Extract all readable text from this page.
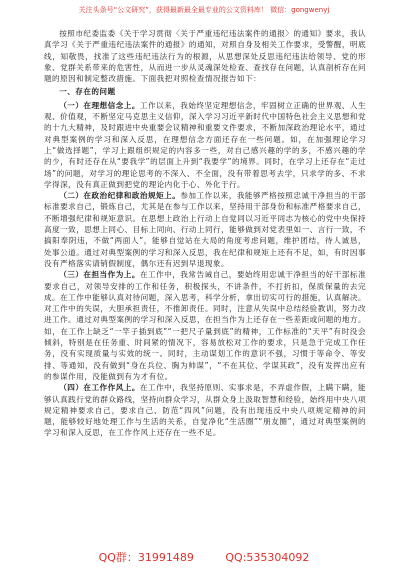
关注头条号“公文研究”，获得最新最全最专业的公文资料库！ 微信：gongwenyj

按照市纪委监委《关于学习贯彻〈关于严重违纪违法案件的通报〉的通知》要求，我认真学习《关于严重违纪违法案件的通报》的通知，对照自身及相关工作要求，受警醒，明底线，知敬畏，找准了这些违纪违法行为的根源，从思想深处反思违纪违法给领导、党的形象、党群关系带来的危害性，从而进一步从灵魂深处检查、查找存在问题，认真剖析存在问题的原因和制定整改措施。下面我把对照检查情况报告如下：

一、存在的问题

（一）在理想信念上。工作以来，我始终坚定理想信念，牢固树立正确的世界观、人生观、价值观，不断坚定马克思主义信仰，深入学习习近平新时代中国特色社会主义思想和党的十九大精神，及时跟进中央重要会议精神和重要文件要求，不断加深政治理论水平，通过对典型案例的学习和深入反思，在理想信念方面还存在一些问题。如，在加强理论学习上“做选择题”，学习上跟组织规定的内容多一些，对自己感兴趣的学的多，不感兴趣的学的少，有时还存在从“要我学”的层面上升到“我要学”的境界。同时，在学习上还存在“走过场”的问题，对学习的理论思考的不深入、不全面，没有带着思考去学，只求学的多、不求学得深，没有真正做到把党的理论内化于心、外化于行。

（二）在政治纪律和政治规矩上。参加工作以来，我能够严格按照忠诚干净担当的干部标准要求自己，锻炼自己，尤其是在参与工作以来，坚持用干部身份和标准严格要求自己，不断增强纪律和规矩意识。在思想上政治上行动上自觉同以习近平同志为核心的党中央保持高度一致，思想上同心、目标上同向、行动上同行，能够做到对党表里如一、言行一致，不搞阳奉阴违，不做“两面人”，能够自觉站在大局的角度考虑问题，维护团结，待人诚恳，处事公道。通过对典型案例的学习和深入反思，我在纪律和规矩上还有不足，如，有时因事没有严格落实请销假制度，偶尔还有迟到早退现象。

（三）在担当作为上。在工作中，我常告诫自己，要始终用忠诚干净担当的好干部标准要求自己，对领导安排的工作和任务，积极探头，不讲条件，不打折扣，保质保量的去完成。在工作中能够认真对待问题，深入思考，科学分析，拿出切实可行的措施，认真解决。对工作中的失误，大胆承担责任，不推卸责任。同时，注意从失误中总结经验教训，努力改进工作。通过对典型案例的学习和深入反思，在担当作为上还存在一些差距或问题的地方。如，在工作上缺乏“一竿子插到底”“一把尺子量到底”的精神，工作标准的“天平”有时没会倾斜，特别是在任务重、时间紧的情况下，容易放松对工作的要求，只是急于完成工作任务，没有实现质量与实效的统一。同时，主动谋划工作的意识不强，习惯于等命令、等安排、等通知，没有做到“身在兵位、胸为帅谋”，“不在其位、学谋其政”，没有发挥出应有的参谋作用，没能做到有为才有位。

（四）在工作作风上。在工作中，我坚持原则、实事求是，不弄虚作假，上瞒下瞒，能够认真践行党的群众路线，坚持向群众学习，从群众身上汲取智慧和经验，始终用中央八项规定精神要求自己，要求自己、防范“四风”问题，没有出现违反中央八项规定精神的问题，能够较好地处理工作与生活的关系，自觉净化“生活圈”“朋友圈”，通过对典型案例的学习和深入反思，在工作作风上还存在一些不足。

QQ群：31991489	QQ:535304092
